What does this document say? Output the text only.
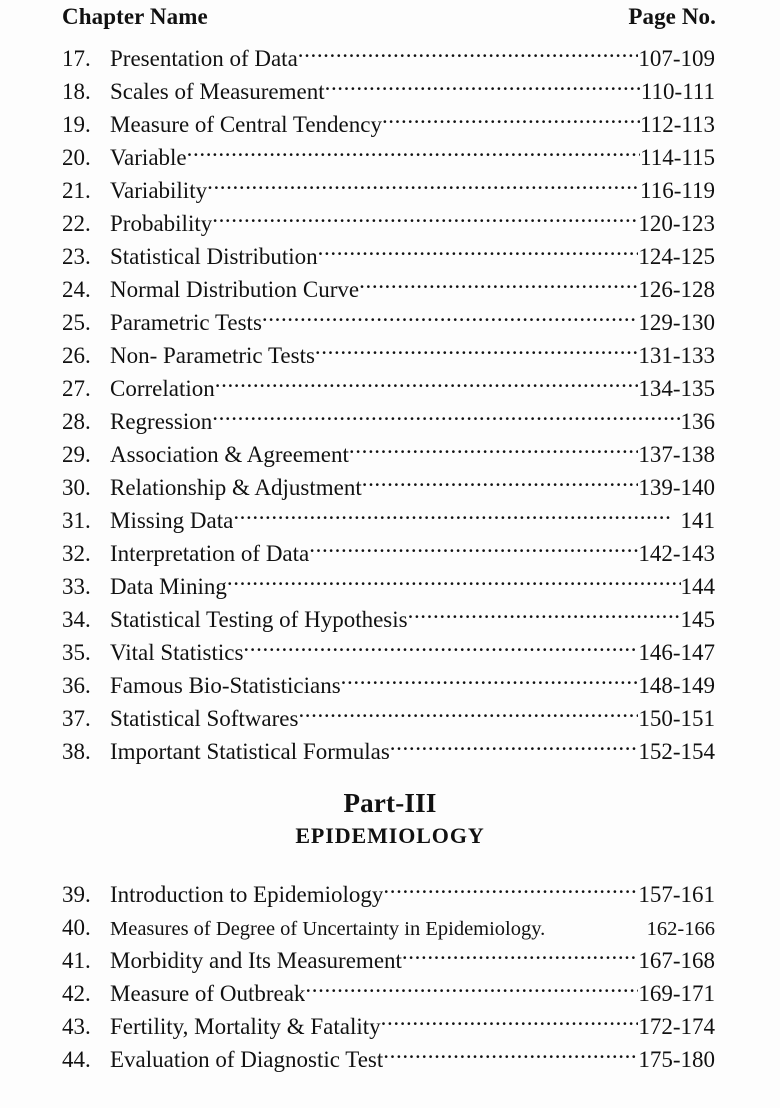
Chapter Name	Page No.
17. Presentation of Data .....	107-109
18. Scales of Measurement .....	110-111
19. Measure of Central Tendency .....	112-113
20. Variable .....	114-115
21. Variability .....	116-119
22. Probability .....	120-123
23. Statistical Distribution .....	124-125
24. Normal Distribution Curve .....	126-128
25. Parametric Tests .....	129-130
26. Non- Parametric Tests .....	131-133
27. Correlation .....	134-135
28. Regression .....	136
29. Association & Agreement .....	137-138
30. Relationship & Adjustment .....	139-140
31. Missing Data .....	141
32. Interpretation of Data .....	142-143
33. Data Mining .....	144
34. Statistical Testing of Hypothesis .....	145
35. Vital Statistics .....	146-147
36. Famous Bio-Statisticians .....	148-149
37. Statistical Softwares .....	150-151
38. Important Statistical Formulas .....	152-154
Part-III
EPIDEMIOLOGY
39. Introduction to Epidemiology .....	157-161
40. Measures of Degree of Uncertainty in Epidemiology.	162-166
41. Morbidity and Its Measurement .....	167-168
42. Measure of Outbreak .....	169-171
43. Fertility, Mortality & Fatality .....	172-174
44. Evaluation of Diagnostic Test .....	175-180
